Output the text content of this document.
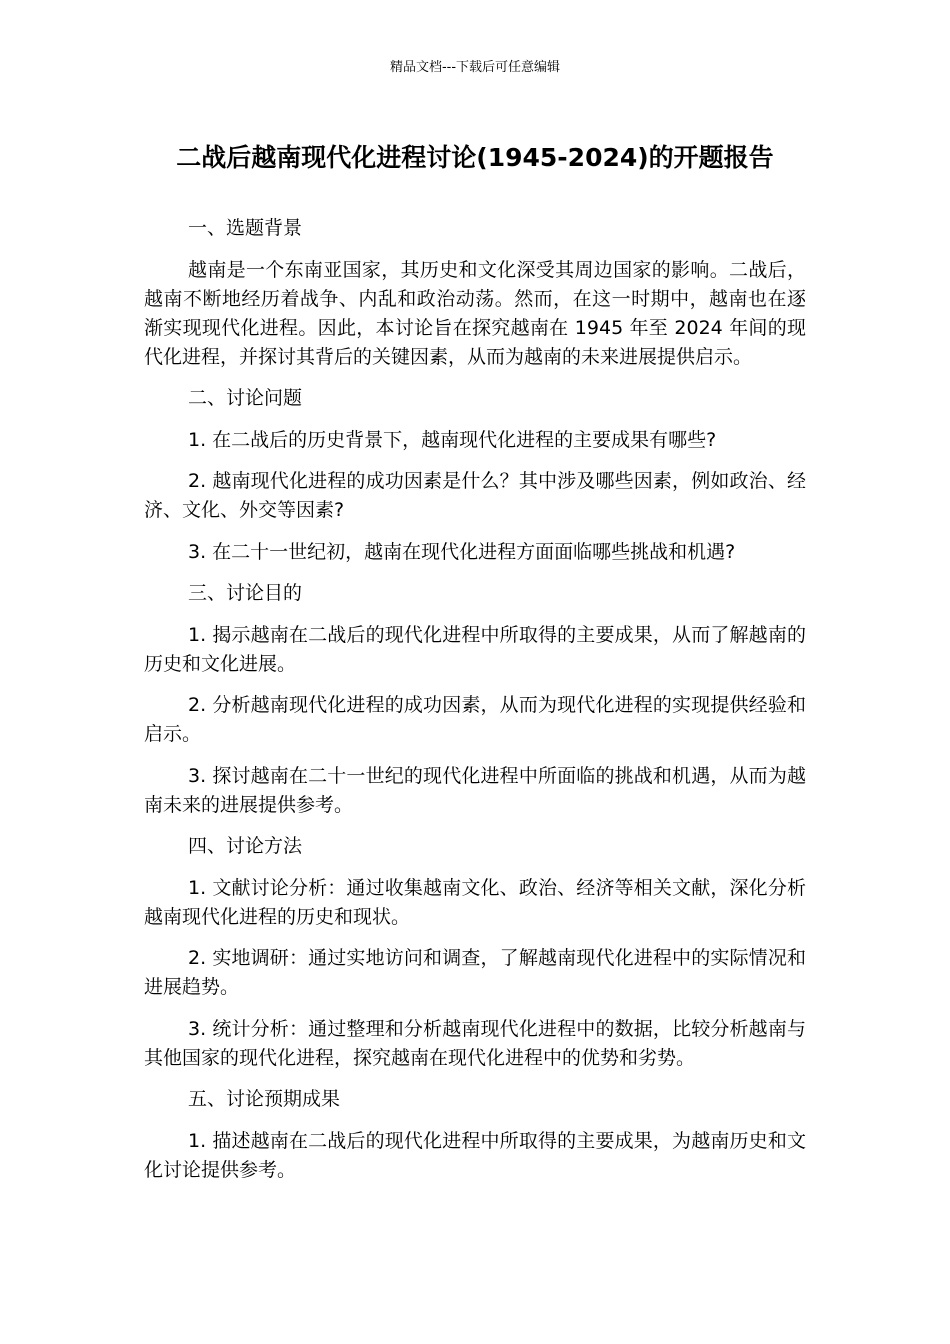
精品文档---下载后可任意编辑
二战后越南现代化进程讨论(1945-2024)的开题报告

一、选题背景

越南是一个东南亚国家，其历史和文化深受其周边国家的影响。二战后，越南不断地经历着战争、内乱和政治动荡。然而，在这一时期中，越南也在逐渐实现现代化进程。因此，本讨论旨在探究越南在 1945 年至 2024 年间的现代化进程，并探讨其背后的关键因素，从而为越南的未来进展提供启示。

二、讨论问题

1. 在二战后的历史背景下，越南现代化进程的主要成果有哪些?

2. 越南现代化进程的成功因素是什么？其中涉及哪些因素，例如政治、经济、文化、外交等因素?

3. 在二十一世纪初，越南在现代化进程方面面临哪些挑战和机遇?

三、讨论目的

1. 揭示越南在二战后的现代化进程中所取得的主要成果，从而了解越南的历史和文化进展。

2. 分析越南现代化进程的成功因素，从而为现代化进程的实现提供经验和启示。

3. 探讨越南在二十一世纪的现代化进程中所面临的挑战和机遇，从而为越南未来的进展提供参考。

四、讨论方法

1. 文献讨论分析：通过收集越南文化、政治、经济等相关文献，深化分析越南现代化进程的历史和现状。

2. 实地调研：通过实地访问和调查，了解越南现代化进程中的实际情况和进展趋势。

3. 统计分析：通过整理和分析越南现代化进程中的数据，比较分析越南与其他国家的现代化进程，探究越南在现代化进程中的优势和劣势。

五、讨论预期成果

1. 描述越南在二战后的现代化进程中所取得的主要成果，为越南历史和文化讨论提供参考。
